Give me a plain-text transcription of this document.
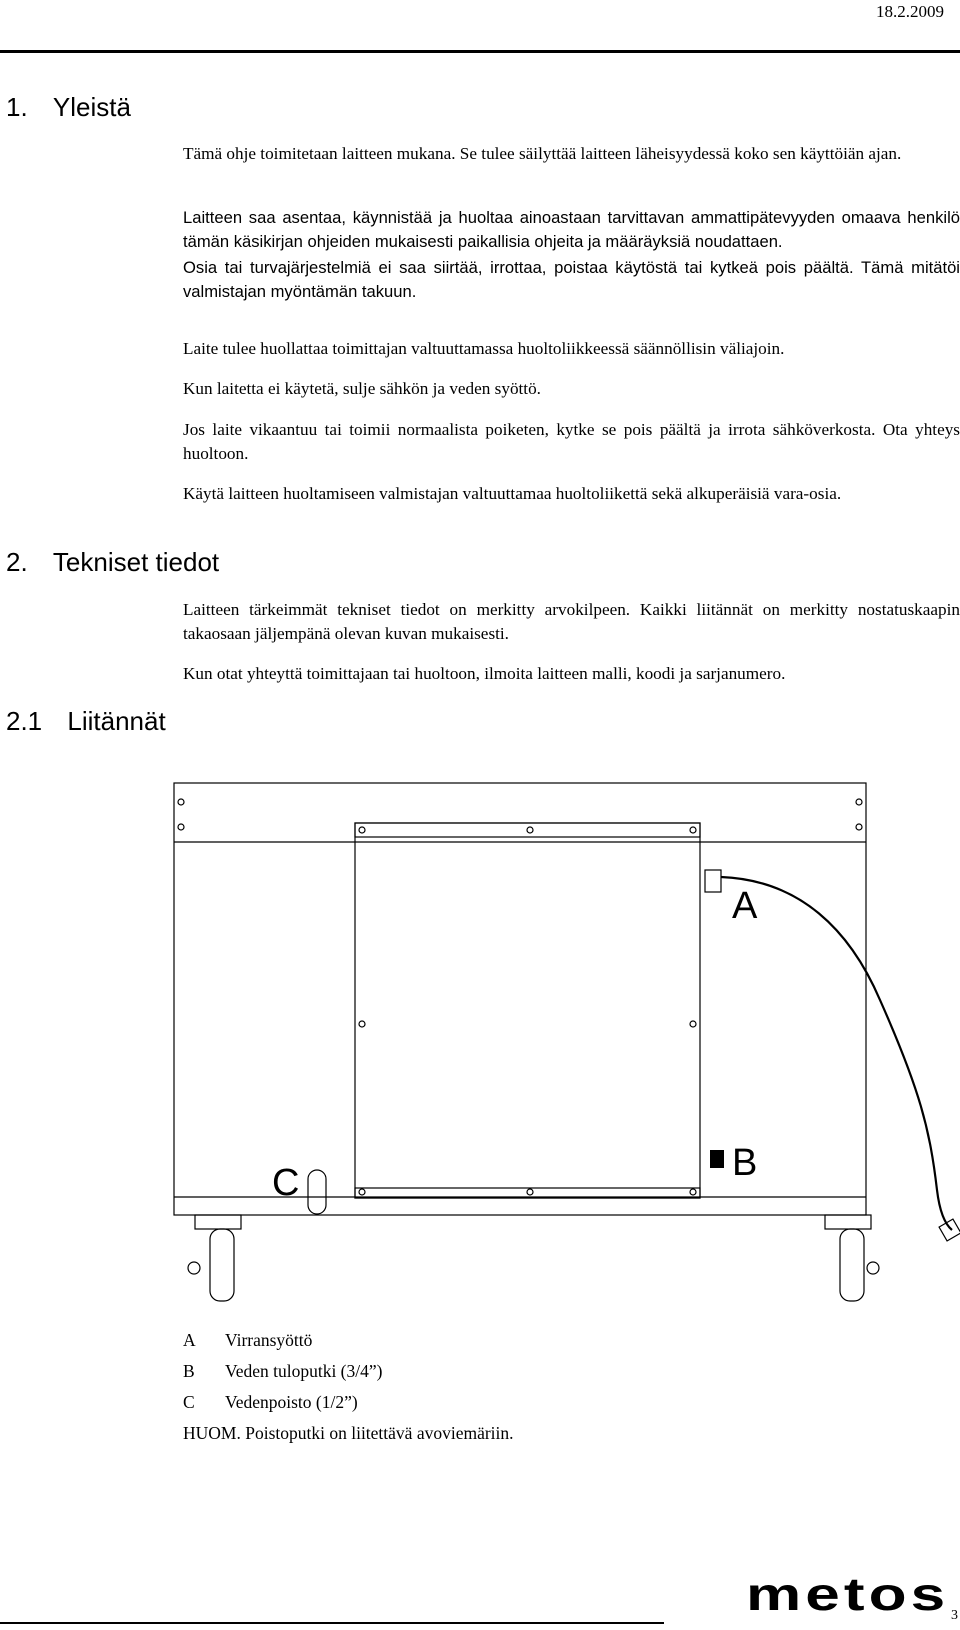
18.2.2009
1. Yleistä
2. Tekniset tiedot
2.1 Liitännät
Tämä ohje toimitetaan laitteen mukana. Se tulee säilyttää laitteen läheisyydessä koko sen käyttöiän ajan.
Laitteen saa asentaa, käynnistää ja huoltaa ainoastaan tarvittavan ammattipätevyyden omaava henkilö tämän käsikirjan ohjeiden mukaisesti paikallisia ohjeita ja määräyksiä noudattaen.
Osia tai turvajärjestelmiä ei saa siirtää, irrottaa, poistaa käytöstä tai kytkeä pois päältä. Tämä mitätöi valmistajan myöntämän takuun.
Laite tulee huollattaa toimittajan valtuuttamassa huoltoliikkeessä säännöllisin väliajoin.
Kun laitetta ei käytetä, sulje sähkön ja veden syöttö.
Jos laite vikaantuu tai toimii normaalista poiketen, kytke se pois päältä ja irrota sähköverkosta. Ota yhteys huoltoon.
Käytä laitteen huoltamiseen valmistajan valtuuttamaa huoltoliikettä sekä alkuperäisiä vara-osia.
Laitteen tärkeimmät tekniset tiedot on merkitty arvokilpeen. Kaikki liitännät on merkitty nostatuskaapin takaosaan jäljempänä olevan kuvan mukaisesti.
Kun otat yhteyttä toimittajaan tai huoltoon, ilmoita laitteen malli, koodi ja sarjanumero.
A
B
C
A Virransyöttö
B Veden tuloputki (3/4”)
C Vedenpoisto (1/2”)
HUOM. Poistoputki on liitettävä avoviemäriin.
metos 3
